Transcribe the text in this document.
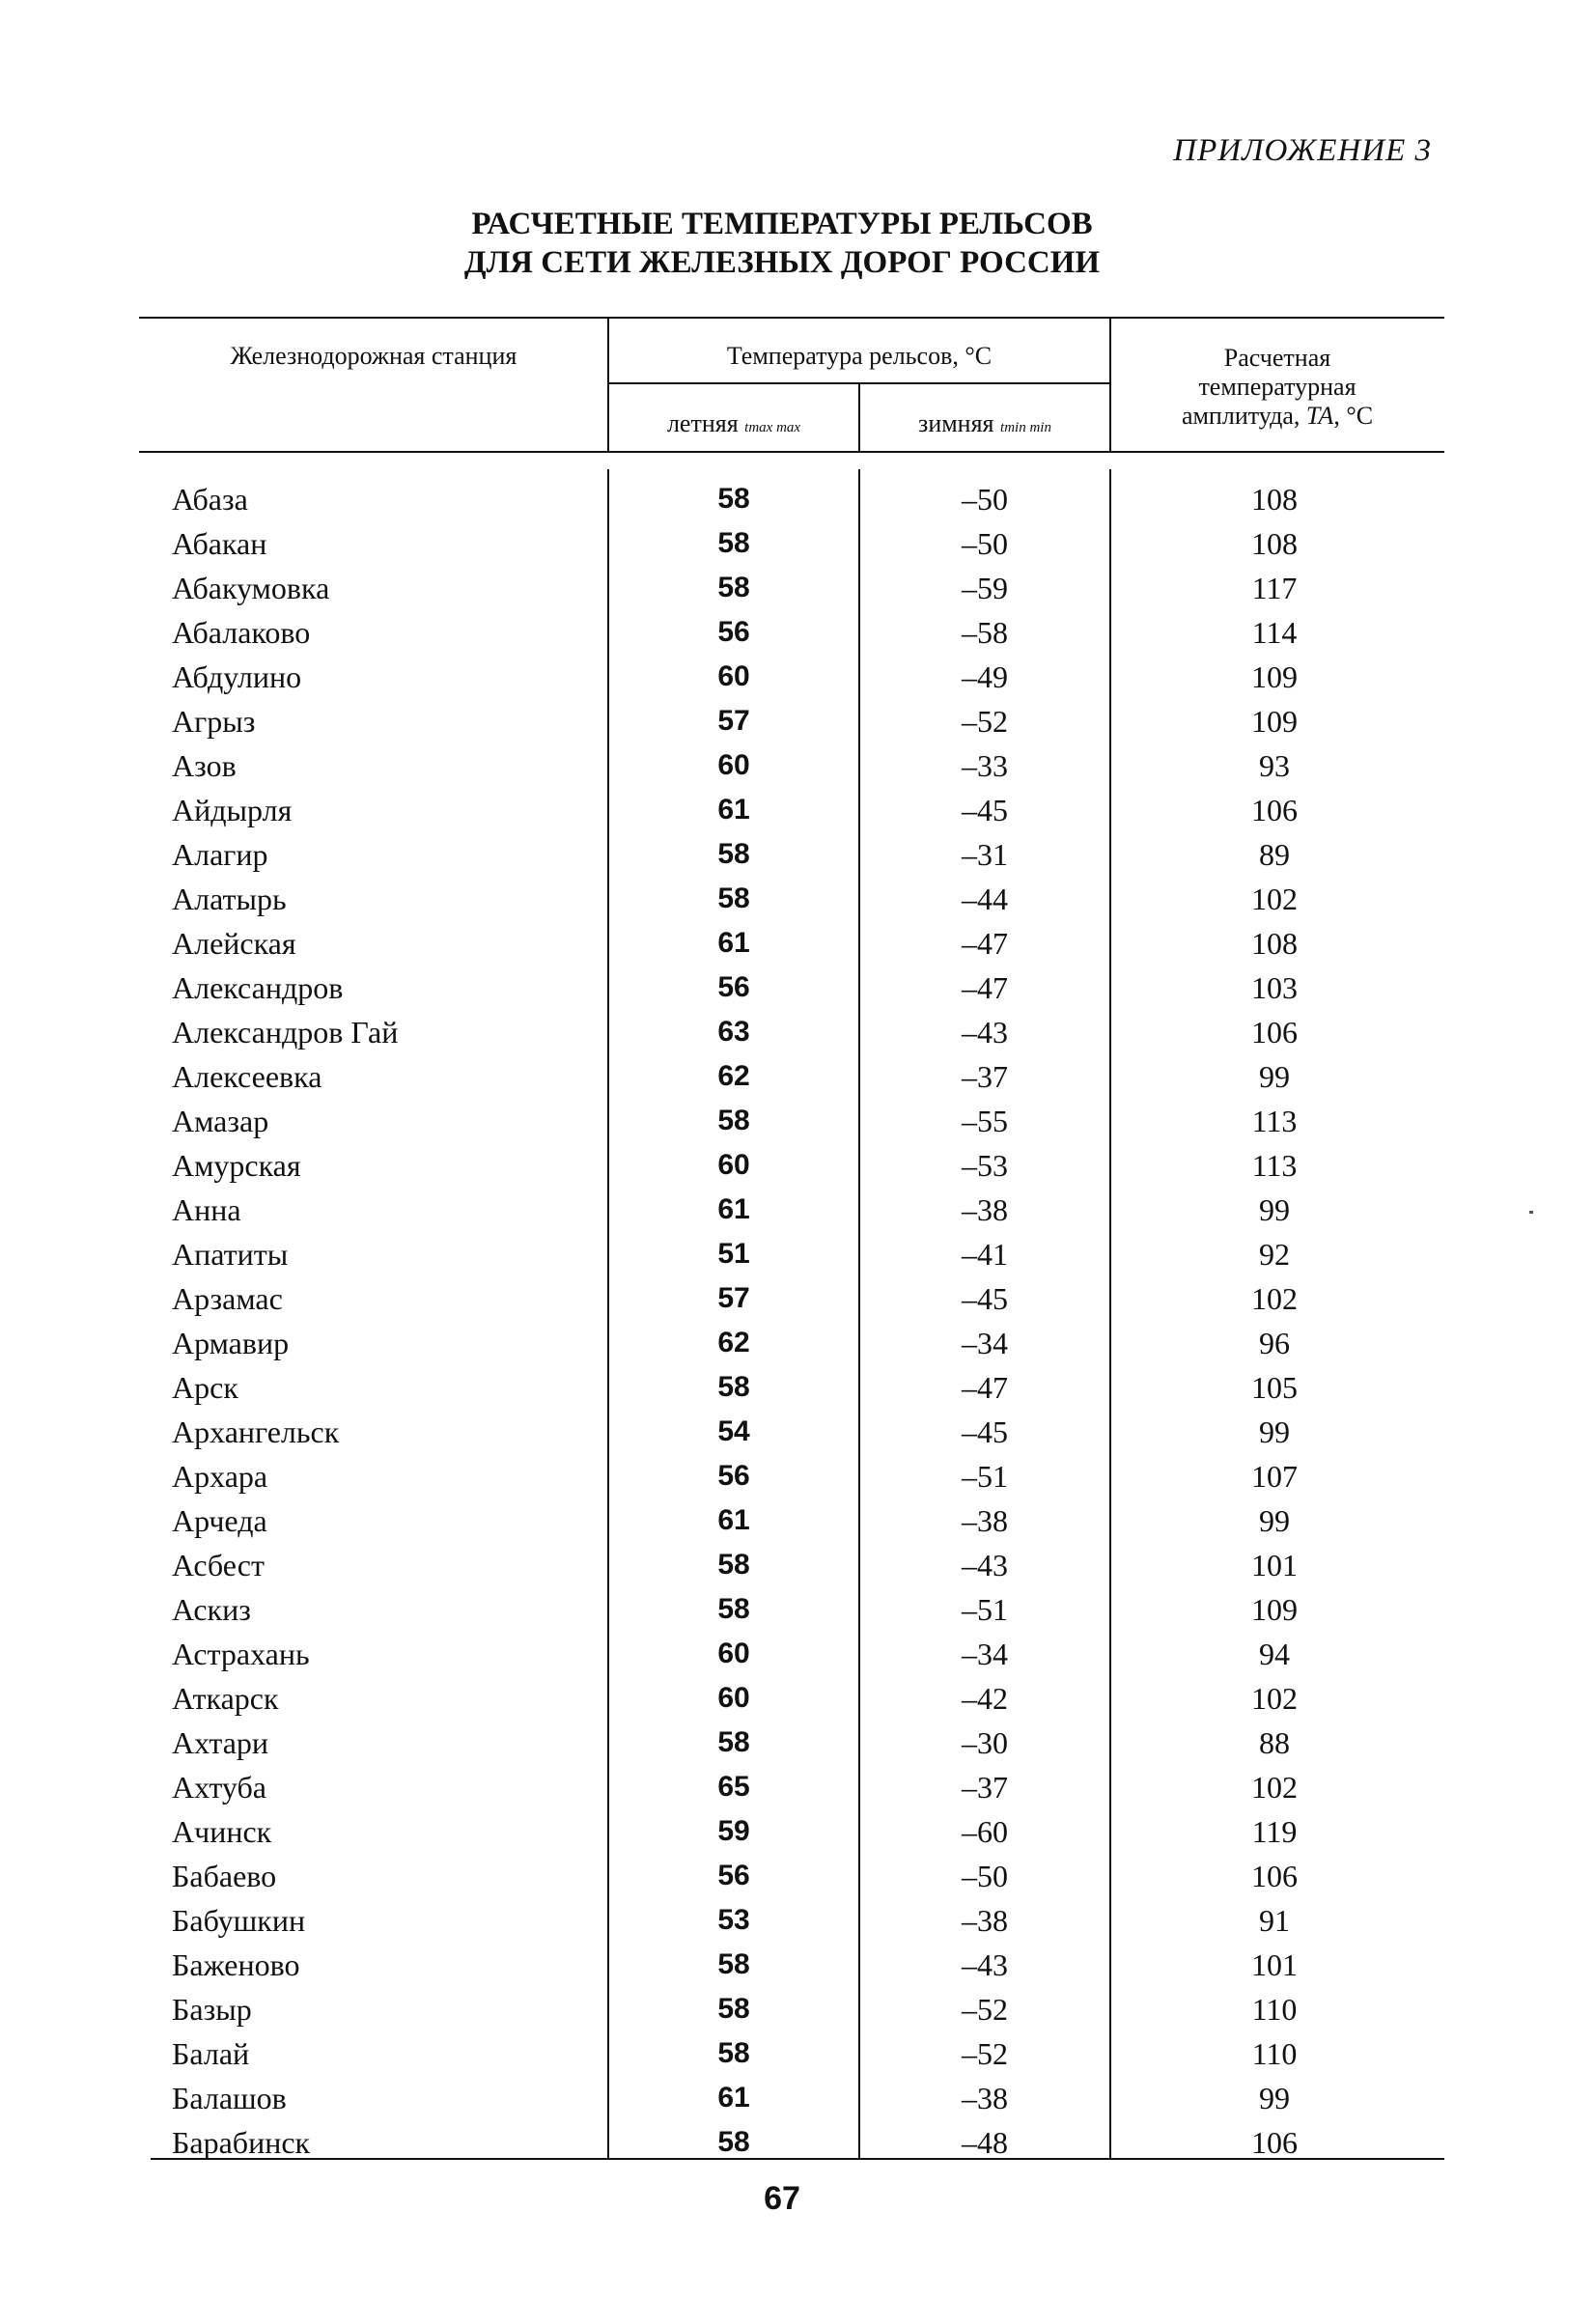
ПРИЛОЖЕНИЕ 3
РАСЧЕТНЫЕ ТЕМПЕРАТУРЫ РЕЛЬСОВ
ДЛЯ СЕТИ ЖЕЛЕЗНЫХ ДОРОГ РОССИИ
Железнодорожная станция	Температура рельсов, °С
летняя tmax max	зимняя tmin min
Расчетная
температурная
амплитуда, TA, °С
Абаза	58	–50	108
Абакан	58	–50	108
Абакумовка	58	–59	117
Абалаково	56	–58	114
Абдулино	60	–49	109
Агрыз	57	–52	109
Азов	60	–33	93
Айдырля	61	–45	106
Алагир	58	–31	89
Алатырь	58	–44	102
Алейская	61	–47	108
Александров	56	–47	103
Александров Гай	63	–43	106
Алексеевка	62	–37	99
Амазар	58	–55	113
Амурская	60	–53	113
Анна	61	–38	99
Апатиты	51	–41	92
Арзамас	57	–45	102
Армавир	62	–34	96
Арск	58	–47	105
Архангельск	54	–45	99
Архара	56	–51	107
Арчеда	61	–38	99
Асбест	58	–43	101
Аскиз	58	–51	109
Астрахань	60	–34	94
Аткарск	60	–42	102
Ахтари	58	–30	88
Ахтуба	65	–37	102
Ачинск	59	–60	119
Бабаево	56	–50	106
Бабушкин	53	–38	91
Баженово	58	–43	101
Базыр	58	–52	110
Балай	58	–52	110
Балашов	61	–38	99
Барабинск	58	–48	106
67
